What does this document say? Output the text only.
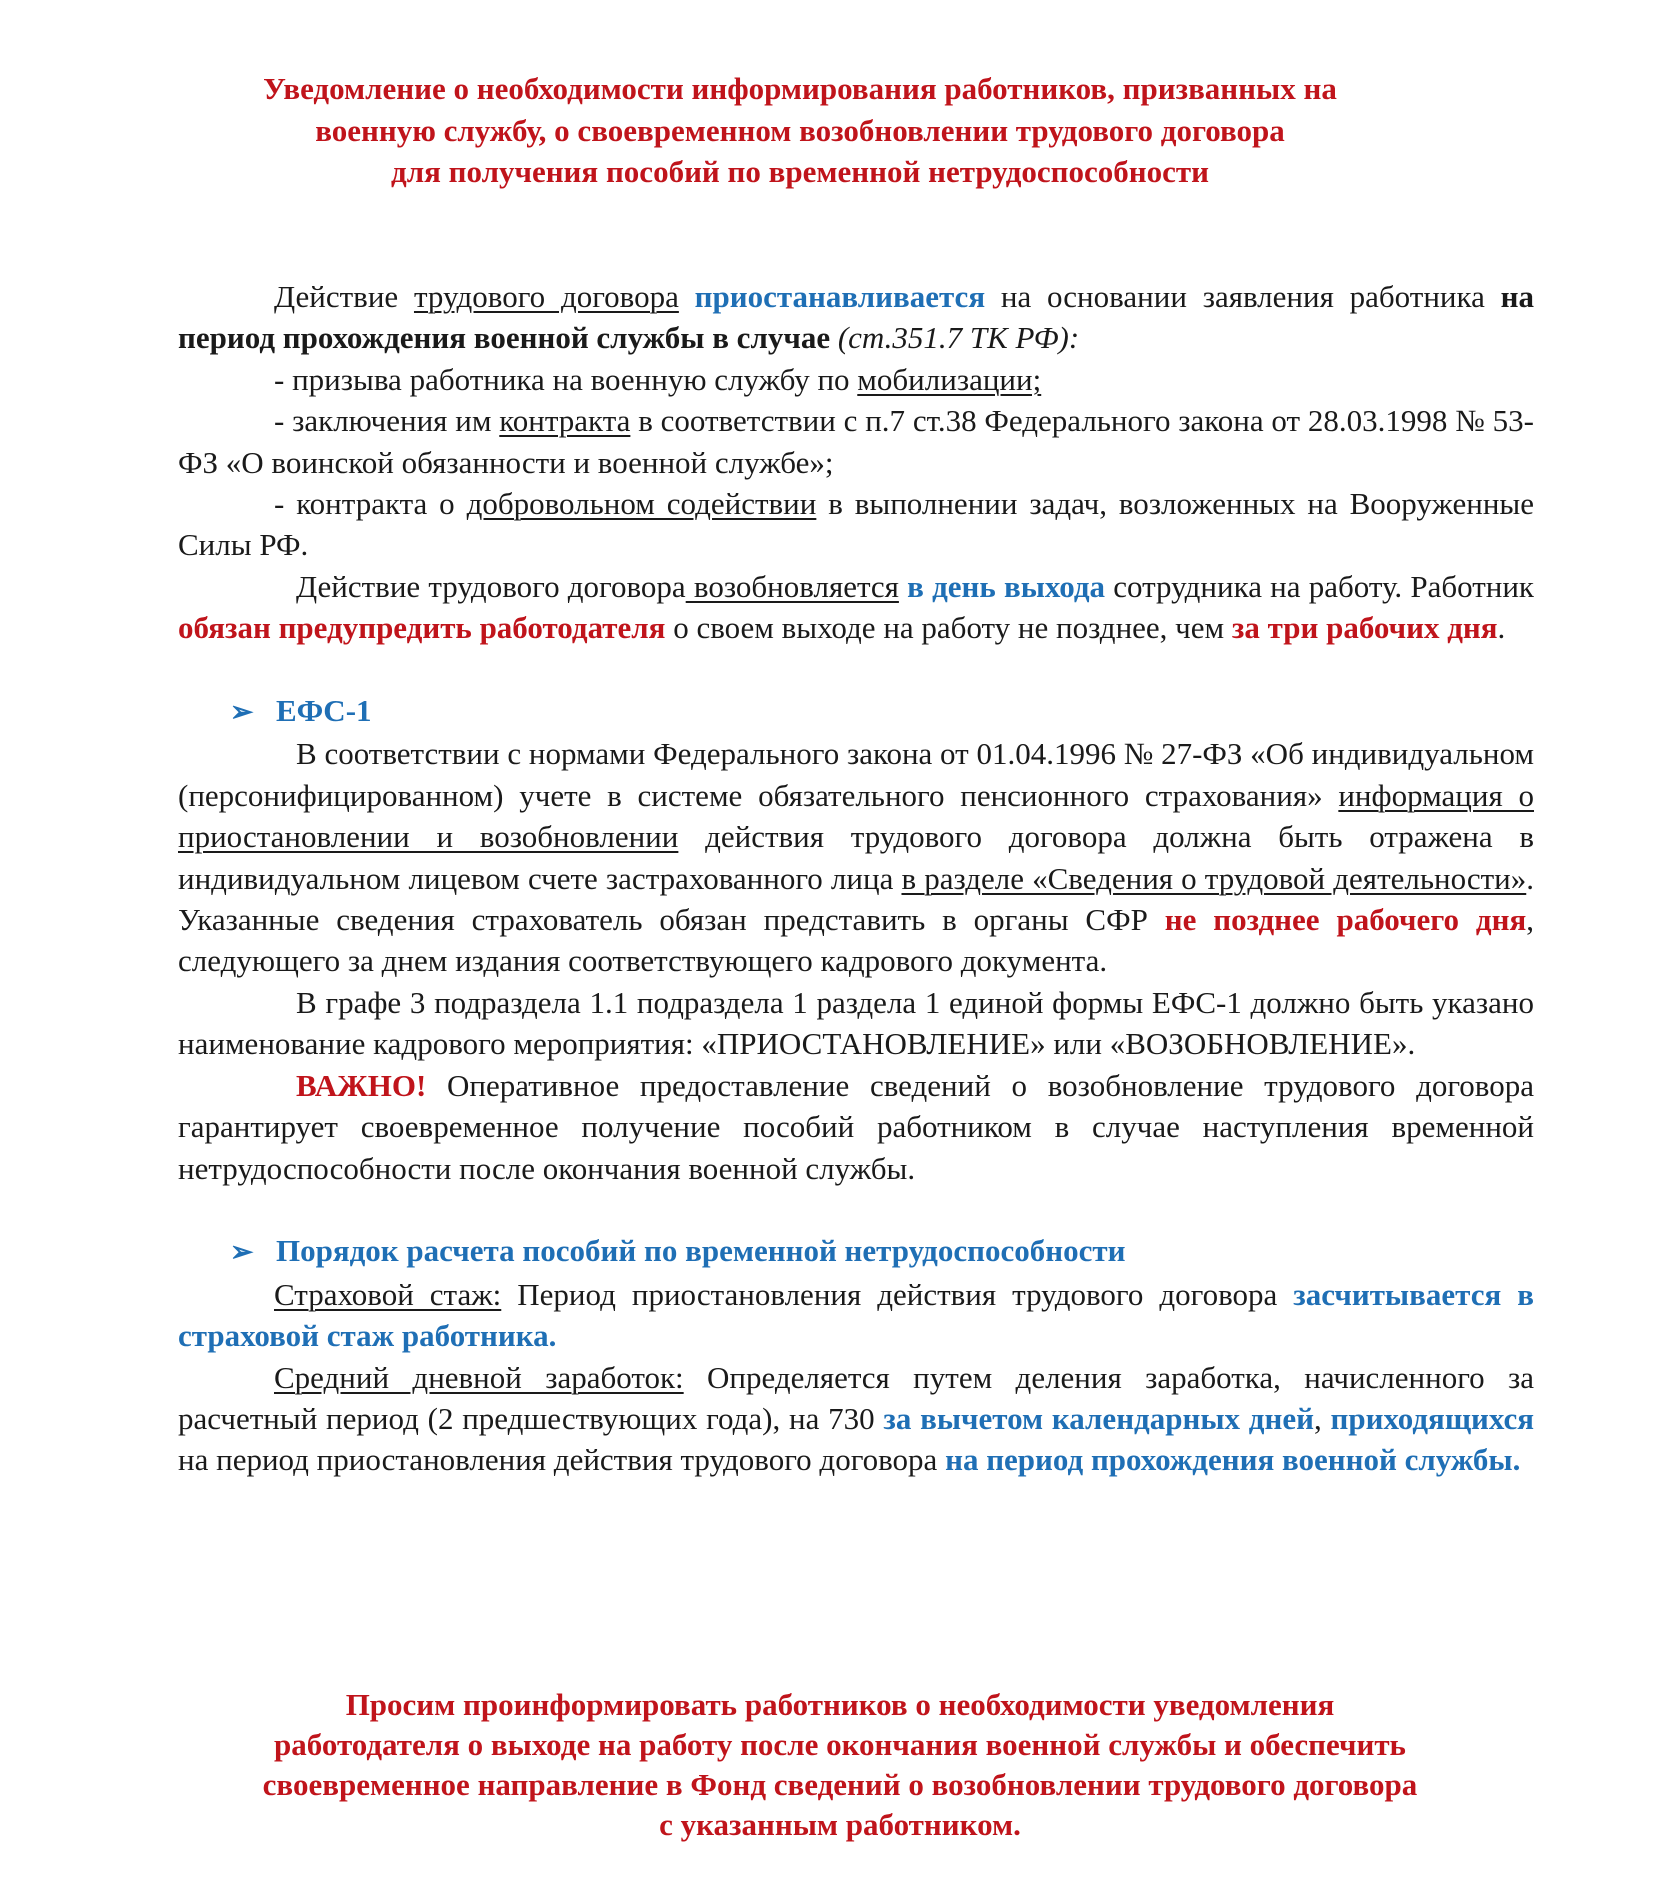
Уведомление о необходимости информирования работников, призванных на
военную службу, о своевременном возобновлении трудового договора
для получения пособий по временной нетрудоспособности

Действие трудового договора приостанавливается на основании заявления работника на период прохождения военной службы в случае (ст.351.7 ТК РФ):

- призыва работника на военную службу по мобилизации;

- заключения им контракта в соответствии с п.7 ст.38 Федерального закона от 28.03.1998 № 53-ФЗ «О воинской обязанности и военной службе»;

- контракта о добровольном содействии в выполнении задач, возложенных на Вооруженные Силы РФ.

Действие трудового договора возобновляется в день выхода сотрудника на работу. Работник обязан предупредить работодателя о своем выходе на работу не позднее, чем за три рабочих дня.

➢ ЕФС-1

В соответствии с нормами Федерального закона от 01.04.1996 № 27-ФЗ «Об индивидуальном (персонифицированном) учете в системе обязательного пенсионного страхования» информация о приостановлении и возобновлении действия трудового договора должна быть отражена в индивидуальном лицевом счете застрахованного лица в разделе «Сведения о трудовой деятельности». Указанные сведения страхователь обязан представить в органы СФР не позднее рабочего дня, следующего за днем издания соответствующего кадрового документа.

В графе 3 подраздела 1.1 подраздела 1 раздела 1 единой формы ЕФС-1 должно быть указано наименование кадрового мероприятия: «ПРИОСТАНОВЛЕНИЕ» или «ВОЗОБНОВЛЕНИЕ».

ВАЖНО! Оперативное предоставление сведений о возобновление трудового договора гарантирует своевременное получение пособий работником в случае наступления временной нетрудоспособности после окончания военной службы.

➢ Порядок расчета пособий по временной нетрудоспособности

Страховой стаж: Период приостановления действия трудового договора засчитывается в страховой стаж работника.

Средний дневной заработок: Определяется путем деления заработка, начисленного за расчетный период (2 предшествующих года), на 730 за вычетом календарных дней, приходящихся на период приостановления действия трудового договора на период прохождения военной службы.

Просим проинформировать работников о необходимости уведомления

работодателя о выходе на работу после окончания военной службы и обеспечить

своевременное направление в Фонд сведений о возобновлении трудового договора

с указанным работником.
